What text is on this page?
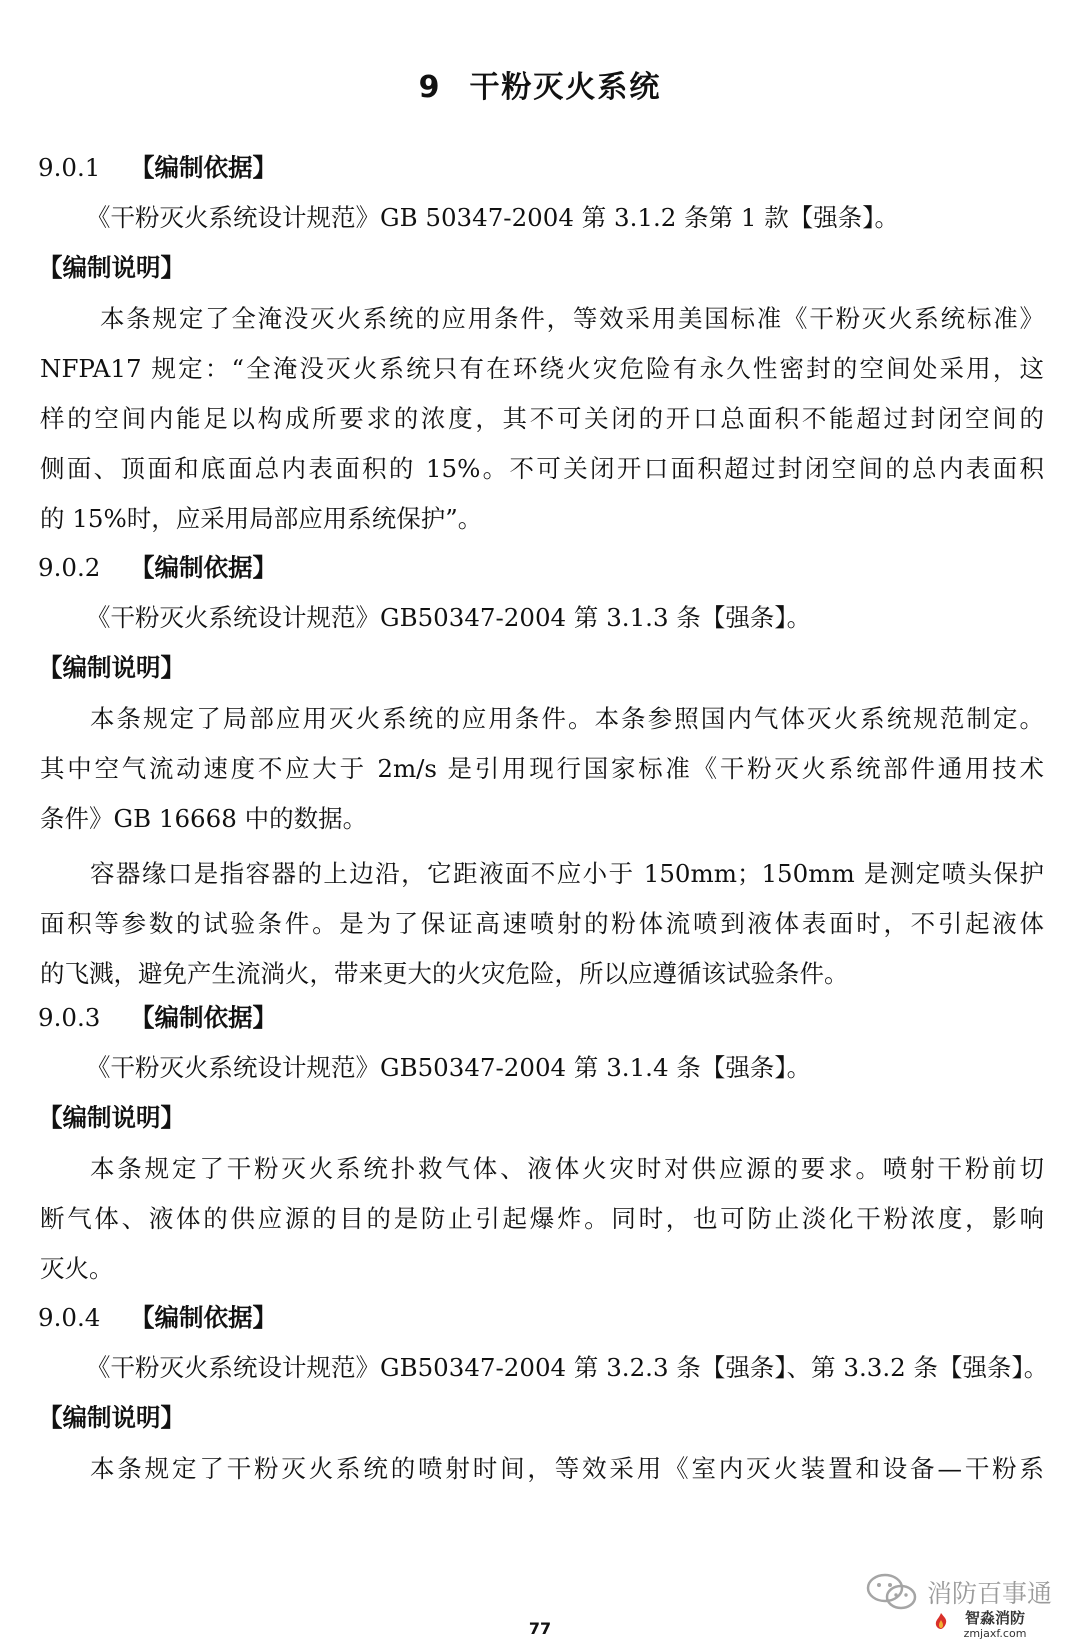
9 干粉灭火系统
9.0.1 【编制依据】
《干粉灭火系统设计规范》GB 50347-2004 第 3.1.2 条第 1 款【强条】。
【编制说明】
本条规定了全淹没灭火系统的应用条件，等效采用美国标准《干粉灭火系统标准》
NFPA17 规定：“全淹没灭火系统只有在环绕火灾危险有永久性密封的空间处采用，这
样的空间内能足以构成所要求的浓度，其不可关闭的开口总面积不能超过封闭空间的
侧面、顶面和底面总内表面积的 15%。不可关闭开口面积超过封闭空间的总内表面积
的 15%时，应采用局部应用系统保护”。
9.0.2 【编制依据】
《干粉灭火系统设计规范》GB50347-2004 第 3.1.3 条【强条】。
【编制说明】
本条规定了局部应用灭火系统的应用条件。本条参照国内气体灭火系统规范制定。
其中空气流动速度不应大于 2m/s 是引用现行国家标准《干粉灭火系统部件通用技术
条件》GB 16668 中的数据。
容器缘口是指容器的上边沿，它距液面不应小于 150mm；150mm 是测定喷头保护
面积等参数的试验条件。是为了保证高速喷射的粉体流喷到液体表面时，不引起液体
的飞溅，避免产生流淌火，带来更大的火灾危险，所以应遵循该试验条件。
9.0.3 【编制依据】
《干粉灭火系统设计规范》GB50347-2004 第 3.1.4 条【强条】。
【编制说明】
本条规定了干粉灭火系统扑救气体、液体火灾时对供应源的要求。喷射干粉前切
断气体、液体的供应源的目的是防止引起爆炸。同时，也可防止淡化干粉浓度，影响
灭火。
9.0.4 【编制依据】
《干粉灭火系统设计规范》GB50347-2004 第 3.2.3 条【强条】、第 3.3.2 条【强条】。
【编制说明】
本条规定了干粉灭火系统的喷射时间，等效采用《室内灭火装置和设备—干粉系
消防百事通
77
智淼消防
zmjaxf.com
